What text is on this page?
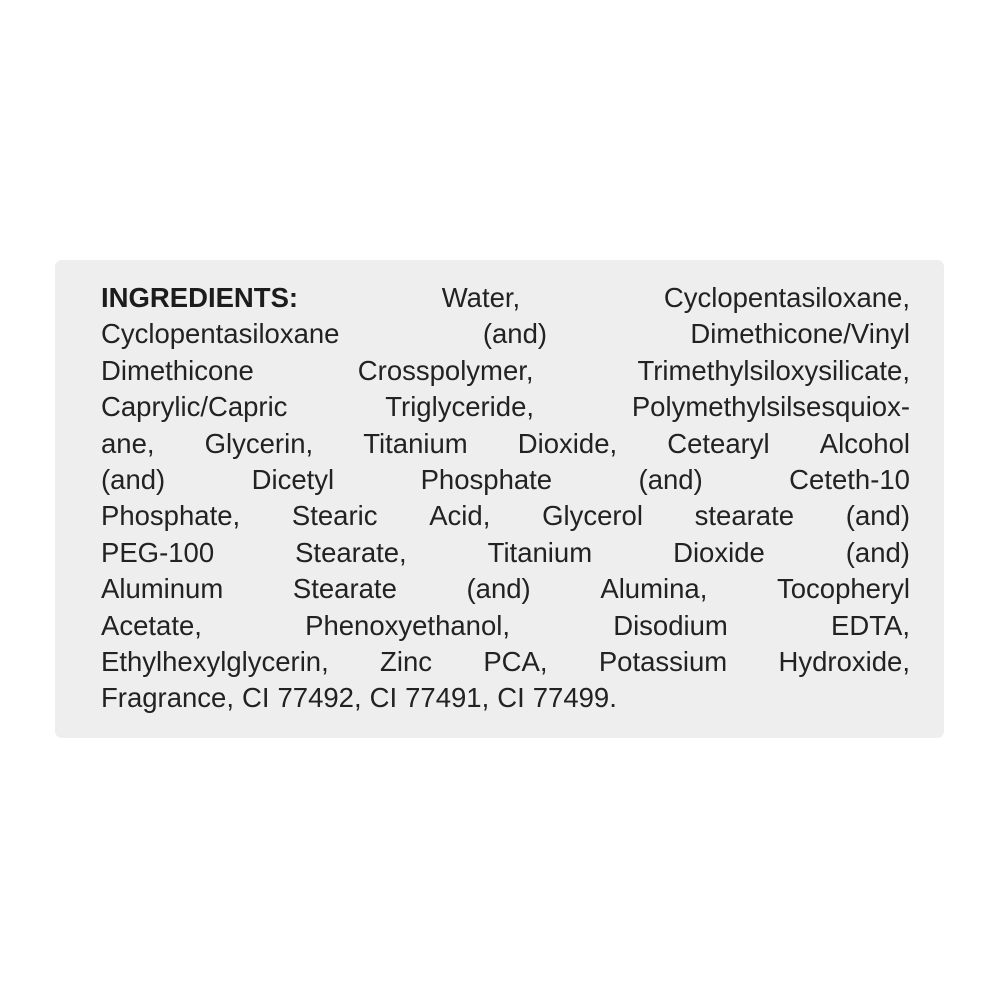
INGREDIENTS:	Water,	Cyclopentasiloxane,
Cyclopentasiloxane	(and)	Dimethicone/Vinyl
Dimethicone	Crosspolymer,	Trimethylsiloxysilicate,
Caprylic/Capric	Triglyceride,	Polymethylsilsesquiox-
ane, Glycerin, Titanium Dioxide, Cetearyl Alcohol
(and)	Dicetyl	Phosphate	(and)	Ceteth-10
Phosphate, Stearic Acid, Glycerol stearate (and)
PEG-100	Stearate,	Titanium	Dioxide	(and)
Aluminum	Stearate	(and)	Alumina,	Tocopheryl
Acetate,	Phenoxyethanol,	Disodium	EDTA,
Ethylhexylglycerin, Zinc PCA, Potassium Hydroxide,
Fragrance, CI 77492, CI 77491, CI 77499.
